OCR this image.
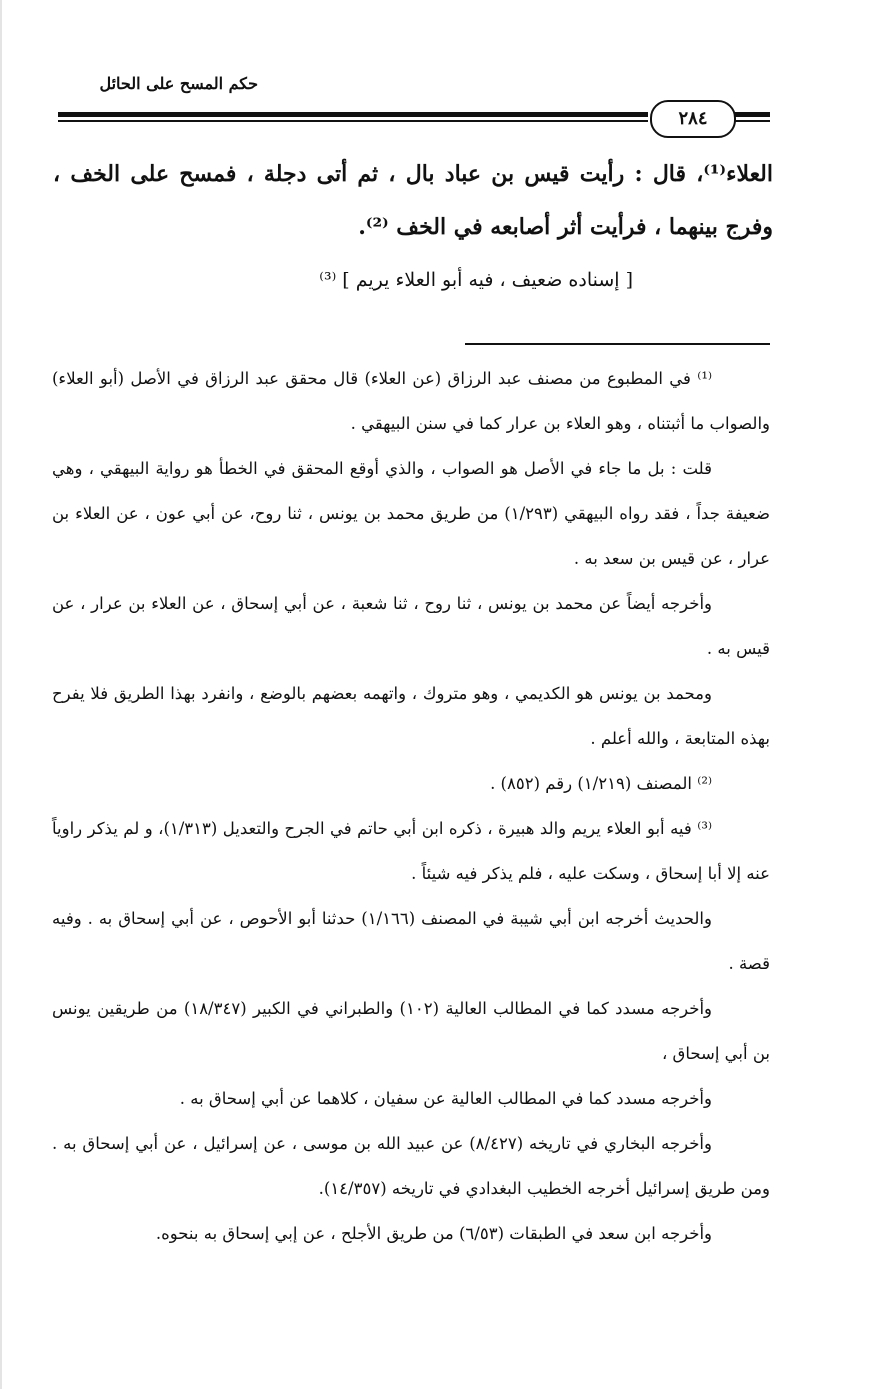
حكم المسح على الحائل
٢٨٤

العلاء⁽¹⁾، قال : رأيت قيس بن عباد بال ، ثم أتى دجلة ، فمسح على الخف ، وفرج بينهما ، فرأيت أثر أصابعه في الخف ⁽²⁾.

[ إسناده ضعيف ، فيه أبو العلاء يريم ] ⁽³⁾

⁽¹⁾ في المطبوع من مصنف عبد الرزاق (عن العلاء) قال محقق عبد الرزاق في الأصل (أبو العلاء) والصواب ما أثبتناه ، وهو العلاء بن عرار كما في سنن البيهقي .

قلت : بل ما جاء في الأصل هو الصواب ، والذي أوقع المحقق في الخطأ هو رواية البيهقي ، وهي ضعيفة جداً ، فقد رواه البيهقي (١/٢٩٣) من طريق محمد بن يونس ، ثنا روح، عن أبي عون ، عن العلاء بن عرار ، عن قيس بن سعد به .

وأخرجه أيضاً عن محمد بن يونس ، ثنا روح ، ثنا شعبة ، عن أبي إسحاق ، عن العلاء بن عرار ، عن قيس به .

ومحمد بن يونس هو الكديمي ، وهو متروك ، واتهمه بعضهم بالوضع ، وانفرد بهذا الطريق فلا يفرح بهذه المتابعة ، والله أعلم .

⁽²⁾ المصنف (١/٢١٩) رقم (٨٥٢) .

⁽³⁾ فيه أبو العلاء يريم والد هبيرة ، ذكره ابن أبي حاتم في الجرح والتعديل (١/٣١٣)، و لم يذكر راوياً عنه إلا أبا إسحاق ، وسكت عليه ، فلم يذكر فيه شيئاً .

والحديث أخرجه ابن أبي شيبة في المصنف (١/١٦٦) حدثنا أبو الأحوص ، عن أبي إسحاق به . وفيه قصة .

وأخرجه مسدد كما في المطالب العالية (١٠٢) والطبراني في الكبير (١٨/٣٤٧) من طريقين يونس بن أبي إسحاق ،

وأخرجه مسدد كما في المطالب العالية عن سفيان ، كلاهما عن أبي إسحاق به .

وأخرجه البخاري في تاريخه (٨/٤٢٧) عن عبيد الله بن موسى ، عن إسرائيل ، عن أبي إسحاق به . ومن طريق إسرائيل أخرجه الخطيب البغدادي في تاريخه (١٤/٣٥٧).

وأخرجه ابن سعد في الطبقات (٦/٥٣) من طريق الأجلح ، عن إبي إسحاق به بنحوه.
